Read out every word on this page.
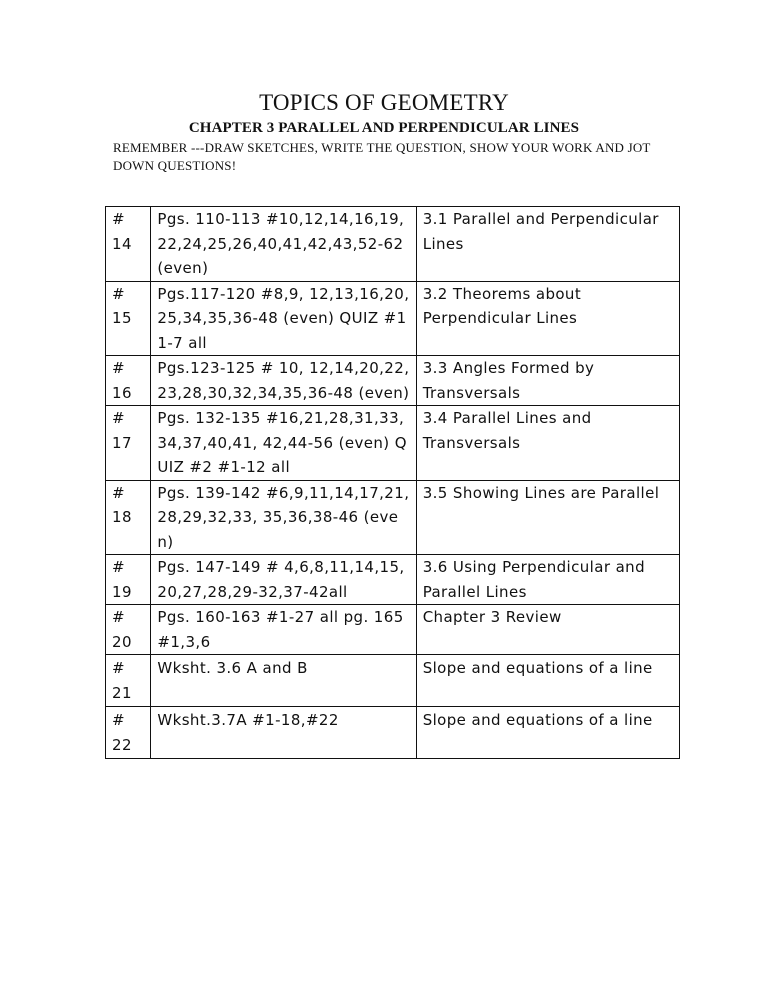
TOPICS OF GEOMETRY
CHAPTER 3 PARALLEL AND PERPENDICULAR LINES
REMEMBER ---DRAW SKETCHES, WRITE THE QUESTION, SHOW YOUR WORK AND JOT DOWN QUESTIONS!
# 14	Pgs. 110-113 #10,12,14,16,19,22,24,25,26,40,41,42,43,52-62 (even)	3.1 Parallel and Perpendicular Lines
# 15	Pgs.117-120 #8,9, 12,13,16,20,25,34,35,36-48 (even) QUIZ #1 1-7 all	3.2 Theorems about Perpendicular Lines
# 16	Pgs.123-125 # 10, 12,14,20,22,23,28,30,32,34,35,36-48 (even)	3.3 Angles Formed by Transversals
# 17	Pgs. 132-135 #16,21,28,31,33,34,37,40,41, 42,44-56 (even) QUIZ #2 #1-12 all	3.4 Parallel Lines and Transversals
# 18	Pgs. 139-142 #6,9,11,14,17,21,28,29,32,33, 35,36,38-46 (even)	3.5 Showing Lines are Parallel
# 19	Pgs. 147-149 # 4,6,8,11,14,15,20,27,28,29-32,37-42all	3.6 Using Perpendicular and Parallel Lines
# 20	Pgs. 160-163 #1-27 all pg. 165 #1,3,6	Chapter 3 Review
# 21	Wksht. 3.6 A and B	Slope and equations of a line
# 22	Wksht.3.7A #1-18,#22	Slope and equations of a line
